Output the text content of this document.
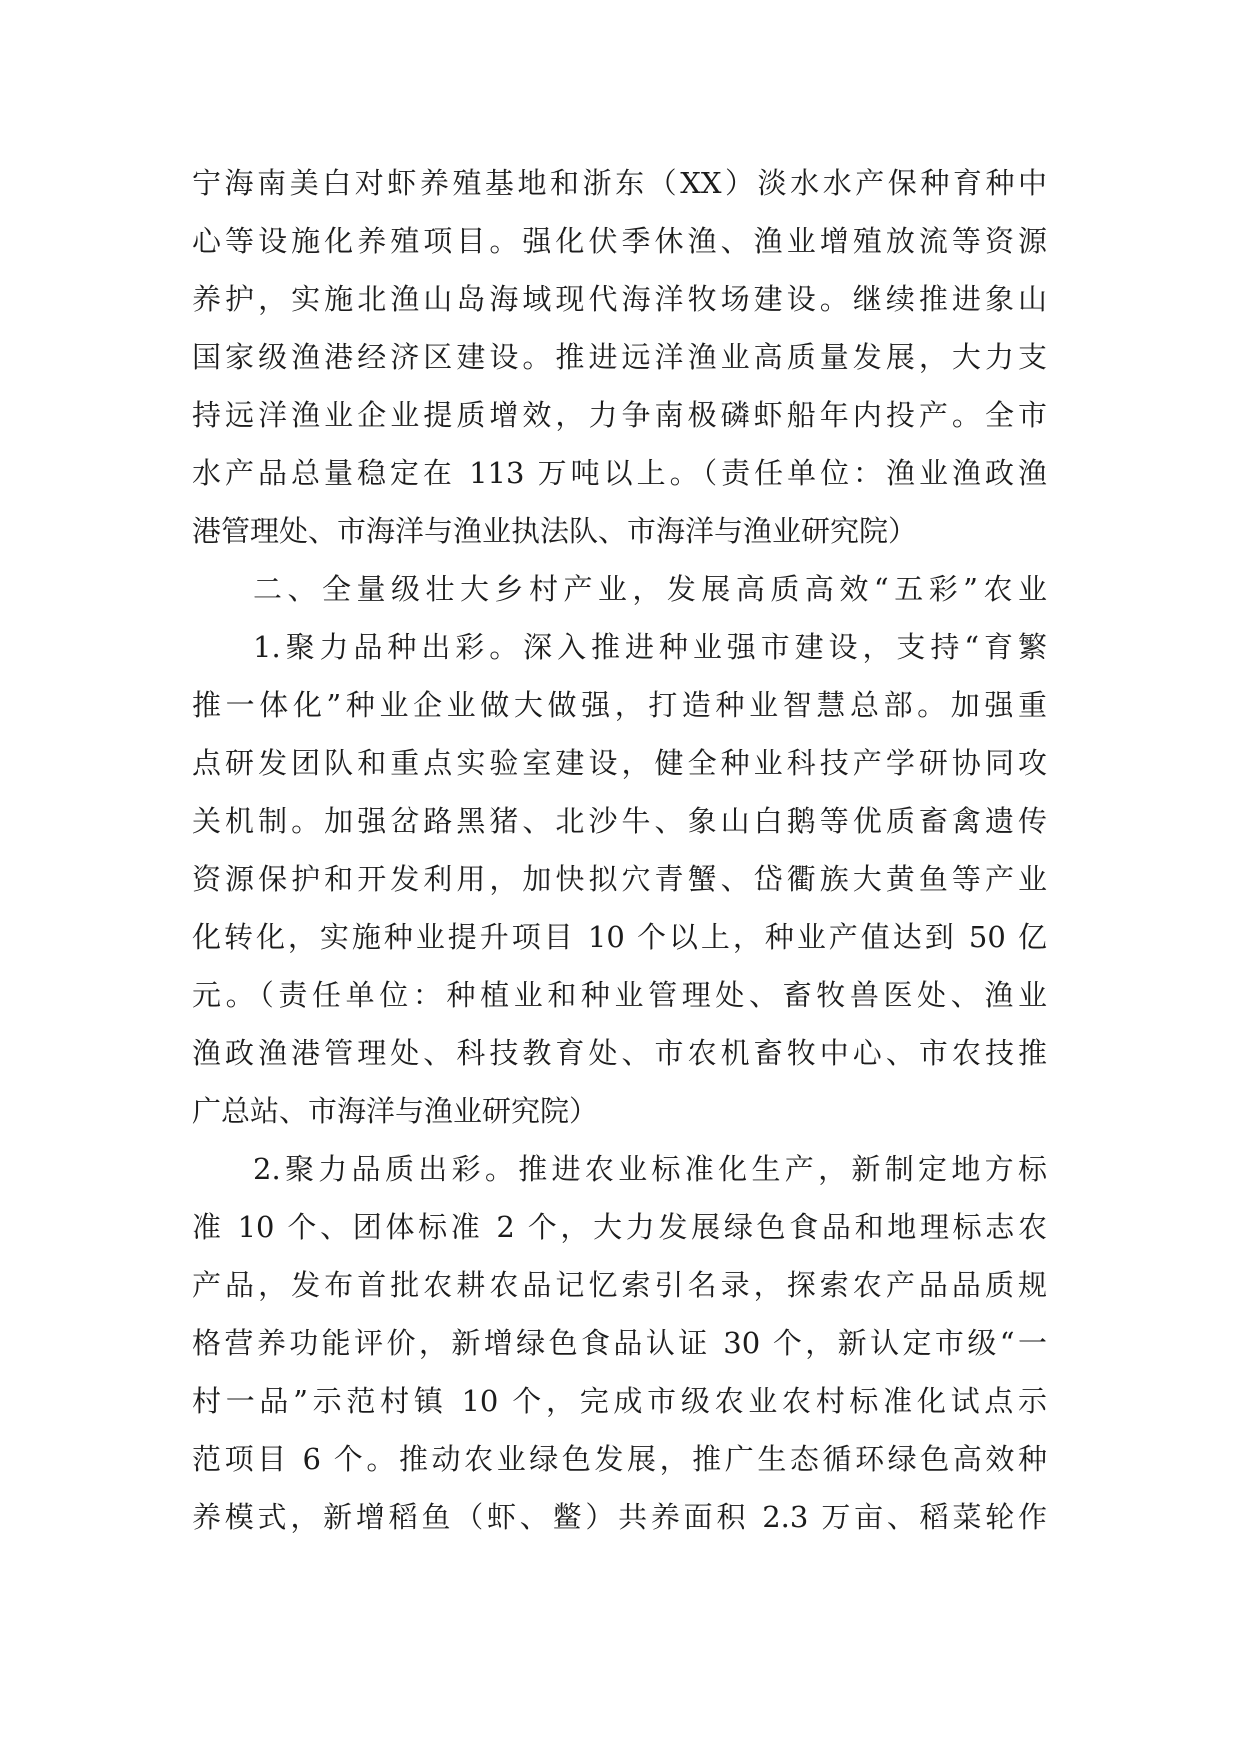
宁海南美白对虾养殖基地和浙东（XX）淡水水产保种育种中
心等设施化养殖项目。强化伏季休渔、渔业增殖放流等资源
养护，实施北渔山岛海域现代海洋牧场建设。继续推进象山
国家级渔港经济区建设。推进远洋渔业高质量发展，大力支
持远洋渔业企业提质增效，力争南极磷虾船年内投产。全市
水产品总量稳定在 113 万吨以上。（责任单位：渔业渔政渔
港管理处、市海洋与渔业执法队、市海洋与渔业研究院）
二、全量级壮大乡村产业，发展高质高效“五彩”农业
1.聚力品种出彩。深入推进种业强市建设，支持“育繁
推一体化”种业企业做大做强，打造种业智慧总部。加强重
点研发团队和重点实验室建设，健全种业科技产学研协同攻
关机制。加强岔路黑猪、北沙牛、象山白鹅等优质畜禽遗传
资源保护和开发利用，加快拟穴青蟹、岱衢族大黄鱼等产业
化转化，实施种业提升项目 10 个以上，种业产值达到 50 亿
元。（责任单位：种植业和种业管理处、畜牧兽医处、渔业
渔政渔港管理处、科技教育处、市农机畜牧中心、市农技推
广总站、市海洋与渔业研究院）
2.聚力品质出彩。推进农业标准化生产，新制定地方标
准 10 个、团体标准 2 个，大力发展绿色食品和地理标志农
产品，发布首批农耕农品记忆索引名录，探索农产品品质规
格营养功能评价，新增绿色食品认证 30 个，新认定市级“一
村一品”示范村镇 10 个，完成市级农业农村标准化试点示
范项目 6 个。推动农业绿色发展，推广生态循环绿色高效种
养模式，新增稻鱼（虾、鳖）共养面积 2.3 万亩、稻菜轮作
